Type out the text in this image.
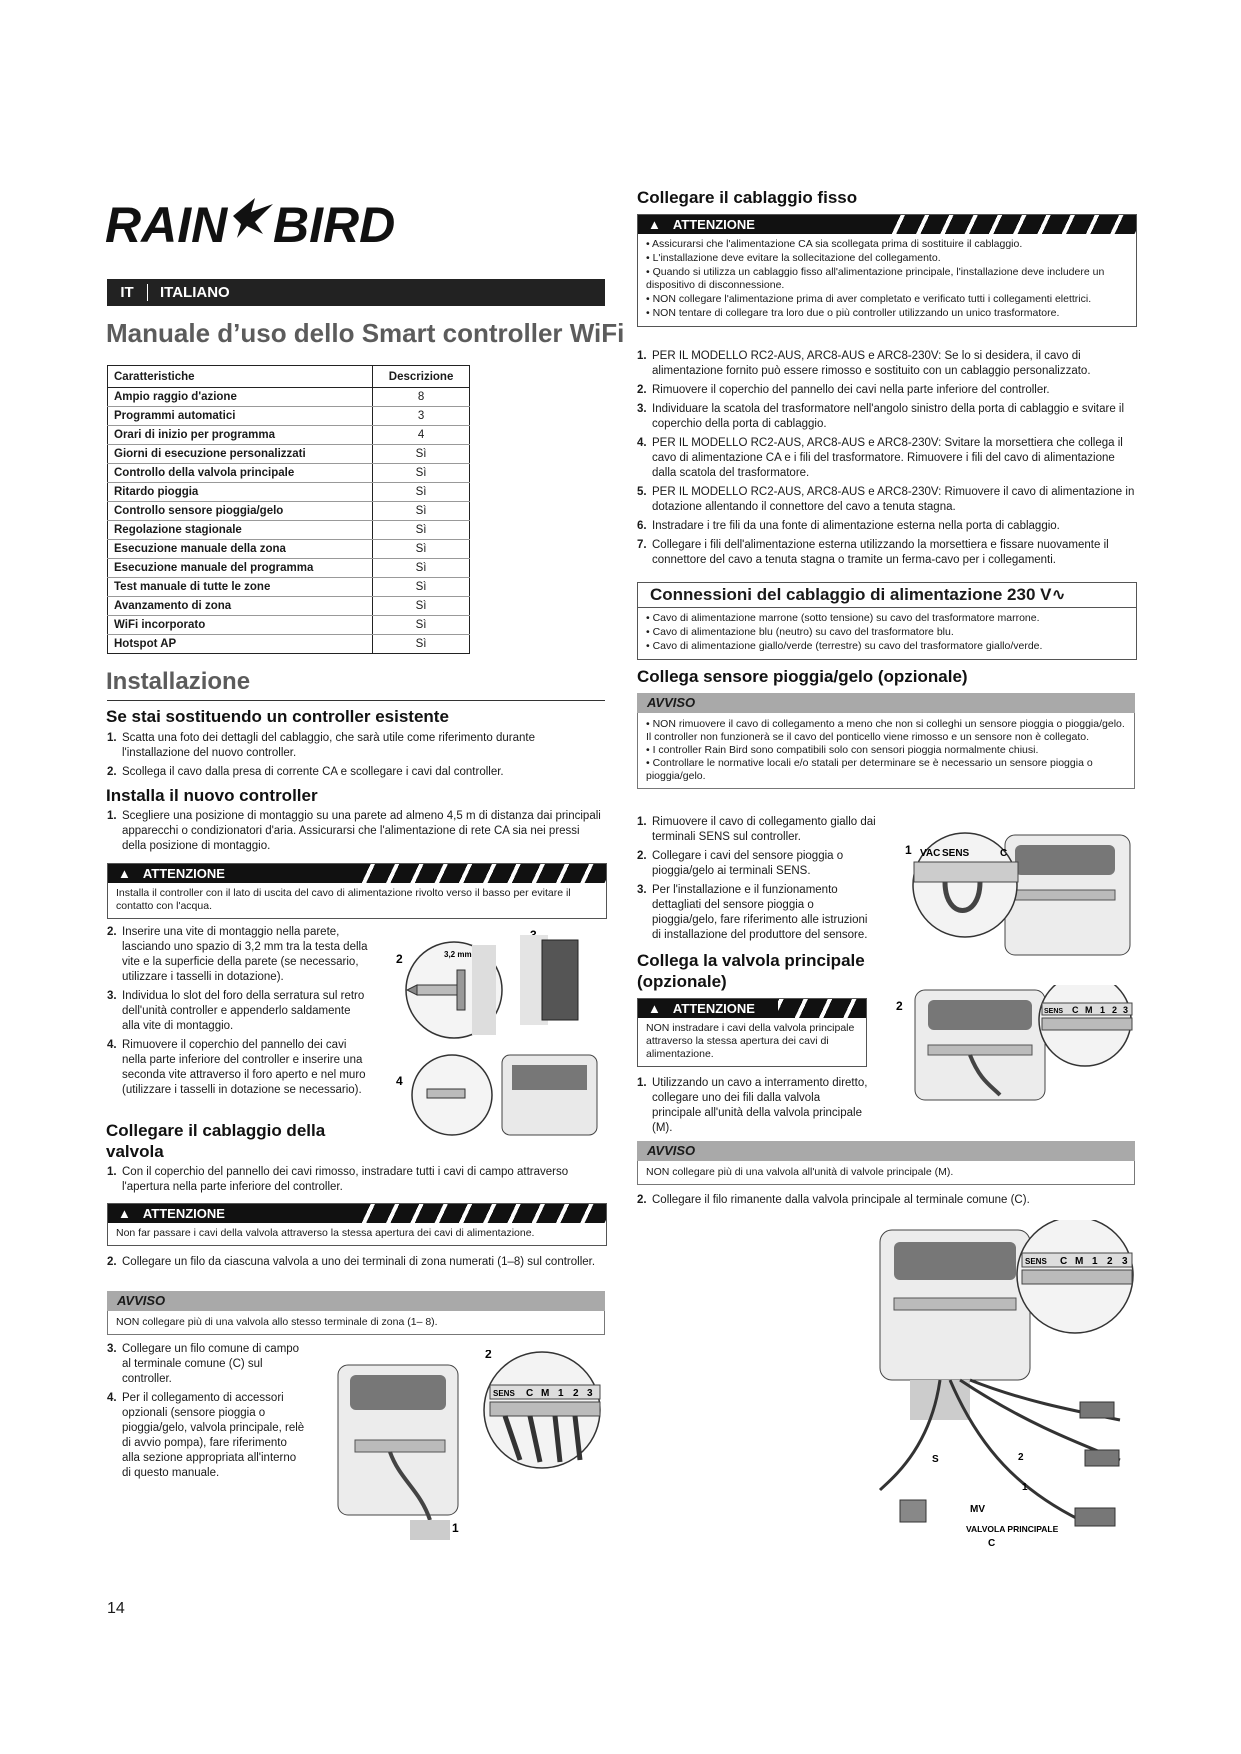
RAIN BIRD
IT	ITALIANO
Manuale d’uso dello Smart controller WiFi
Caratteristiche	Descrizione
Ampio raggio d'azione	8
Programmi automatici	3
Orari di inizio per programma	4
Giorni di esecuzione personalizzati	Sì
Controllo della valvola principale	Sì
Ritardo pioggia	Sì
Controllo sensore pioggia/gelo	Sì
Regolazione stagionale	Sì
Esecuzione manuale della zona	Sì
Esecuzione manuale del programma	Sì
Test manuale di tutte le zone	Sì
Avanzamento di zona	Sì
WiFi incorporato	Sì
Hotspot AP	Sì
Installazione
Se stai sostituendo un controller esistente
1. Scatta una foto dei dettagli del cablaggio, che sarà utile come riferimento durante l'installazione del nuovo controller.
2. Scollega il cavo dalla presa di corrente CA e scollegare i cavi dal controller.
Installa il nuovo controller
1. Scegliere una posizione di montaggio su una parete ad almeno 4,5 m di distanza dai principali apparecchi o condizionatori d'aria. Assicurarsi che l'alimentazione di rete CA sia nei pressi della posizione di montaggio.
▲ ATTENZIONE
Installa il controller con il lato di uscita del cavo di alimentazione rivolto verso il basso per evitare il contatto con l'acqua.
2. Inserire una vite di montaggio nella parete, lasciando uno spazio di 3,2 mm tra la testa della vite e la superficie della parete (se necessario, utilizzare i tasselli in dotazione).
3. Individua lo slot del foro della serratura sul retro dell'unità controller e appenderlo saldamente alla vite di montaggio.
4. Rimuovere il coperchio del pannello dei cavi nella parte inferiore del controller e inserire una seconda vite attraverso il foro aperto e nel muro (utilizzare i tasselli in dotazione se necessario).
2	3,2 mm
4
Collegare il cablaggio della valvola
1. Con il coperchio del pannello dei cavi rimosso, instradare tutti i cavi di campo attraverso l'apertura nella parte inferiore del controller.
▲ ATTENZIONE
Non far passare i cavi della valvola attraverso la stessa apertura dei cavi di alimentazione.
2. Collegare un filo da ciascuna valvola a uno dei terminali di zona numerati (1–8) sul controller.
AVVISO
NON collegare più di una valvola allo stesso terminale di zona (1– 8).
3. Collegare un filo comune di campo al terminale comune (C) sul controller.
4. Per il collegamento di accessori opzionali (sensore pioggia o pioggia/gelo, valvola principale, relè di avvio pompa), fare riferimento alla sezione appropriata all'interno di questo manuale.
SENS C M 1 2 3
2
1
Collegare il cablaggio fisso
▲ ATTENZIONE
• Assicurarsi che l'alimentazione CA sia scollegata prima di sostituire il cablaggio.
• L'installazione deve evitare la sollecitazione del collegamento.
• Quando si utilizza un cablaggio fisso all'alimentazione principale, l'installazione deve includere un dispositivo di disconnessione.
• NON collegare l'alimentazione prima di aver completato e verificato tutti i collegamenti elettrici.
• NON tentare di collegare tra loro due o più controller utilizzando un unico trasformatore.
1. PER IL MODELLO RC2-AUS, ARC8-AUS e ARC8-230V: Se lo si desidera, il cavo di alimentazione fornito può essere rimosso e sostituito con un cablaggio personalizzato.
2. Rimuovere il coperchio del pannello dei cavi nella parte inferiore del controller.
3. Individuare la scatola del trasformatore nell'angolo sinistro della porta di cablaggio e svitare il coperchio della porta di cablaggio.
4. PER IL MODELLO RC2-AUS, ARC8-AUS e ARC8-230V: Svitare la morsettiera che collega il cavo di alimentazione CA e i fili del trasformatore. Rimuovere i fili del cavo di alimentazione dalla scatola del trasformatore.
5. PER IL MODELLO RC2-AUS, ARC8-AUS e ARC8-230V: Rimuovere il cavo di alimentazione in dotazione allentando il connettore del cavo a tenuta stagna.
6. Instradare i tre fili da una fonte di alimentazione esterna nella porta di cablaggio.
7. Collegare i fili dell'alimentazione esterna utilizzando la morsettiera e fissare nuovamente il connettore del cavo a tenuta stagna o tramite un ferma-cavo per i collegamenti.
Connessioni del cablaggio di alimentazione 230 V∿
• Cavo di alimentazione marrone (sotto tensione) su cavo del trasformatore marrone.
• Cavo di alimentazione blu (neutro) su cavo del trasformatore blu.
• Cavo di alimentazione giallo/verde (terrestre) su cavo del trasformatore giallo/verde.
Collega sensore pioggia/gelo (opzionale)
AVVISO
• NON rimuovere il cavo di collegamento a meno che non si colleghi un sensore pioggia o pioggia/gelo. Il controller non funzionerà se il cavo del ponticello viene rimosso e un sensore non è collegato.
• I controller Rain Bird sono compatibili solo con sensori pioggia normalmente chiusi.
• Controllare le normative locali e/o statali per determinare se è necessario un sensore pioggia o pioggia/gelo.
1. Rimuovere il cavo di collegamento giallo dai terminali SENS sul controller.
2. Collegare i cavi del sensore pioggia o pioggia/gelo ai terminali SENS.
3. Per l'installazione e il funzionamento dettagliati del sensore pioggia o pioggia/gelo, fare riferimento alle istruzioni di installazione del produttore del sensore.
1 VAC SENS	C
Collega la valvola principale (opzionale)
▲ ATTENZIONE
NON instradare i cavi della valvola principale attraverso la stessa apertura dei cavi di alimentazione.
1. Utilizzando un cavo a interramento diretto, collegare uno dei fili dalla valvola principale all'unità della valvola principale (M).
2	SENS C M 1 2 3
AVVISO
NON collegare più di una valvola all'unità di valvole principale (M).
2. Collegare il filo rimanente dalla valvola principale al terminale comune (C).
SENS C M 1 2 3
S	2
1
MV
VALVOLA PRINCIPALE
C
14
